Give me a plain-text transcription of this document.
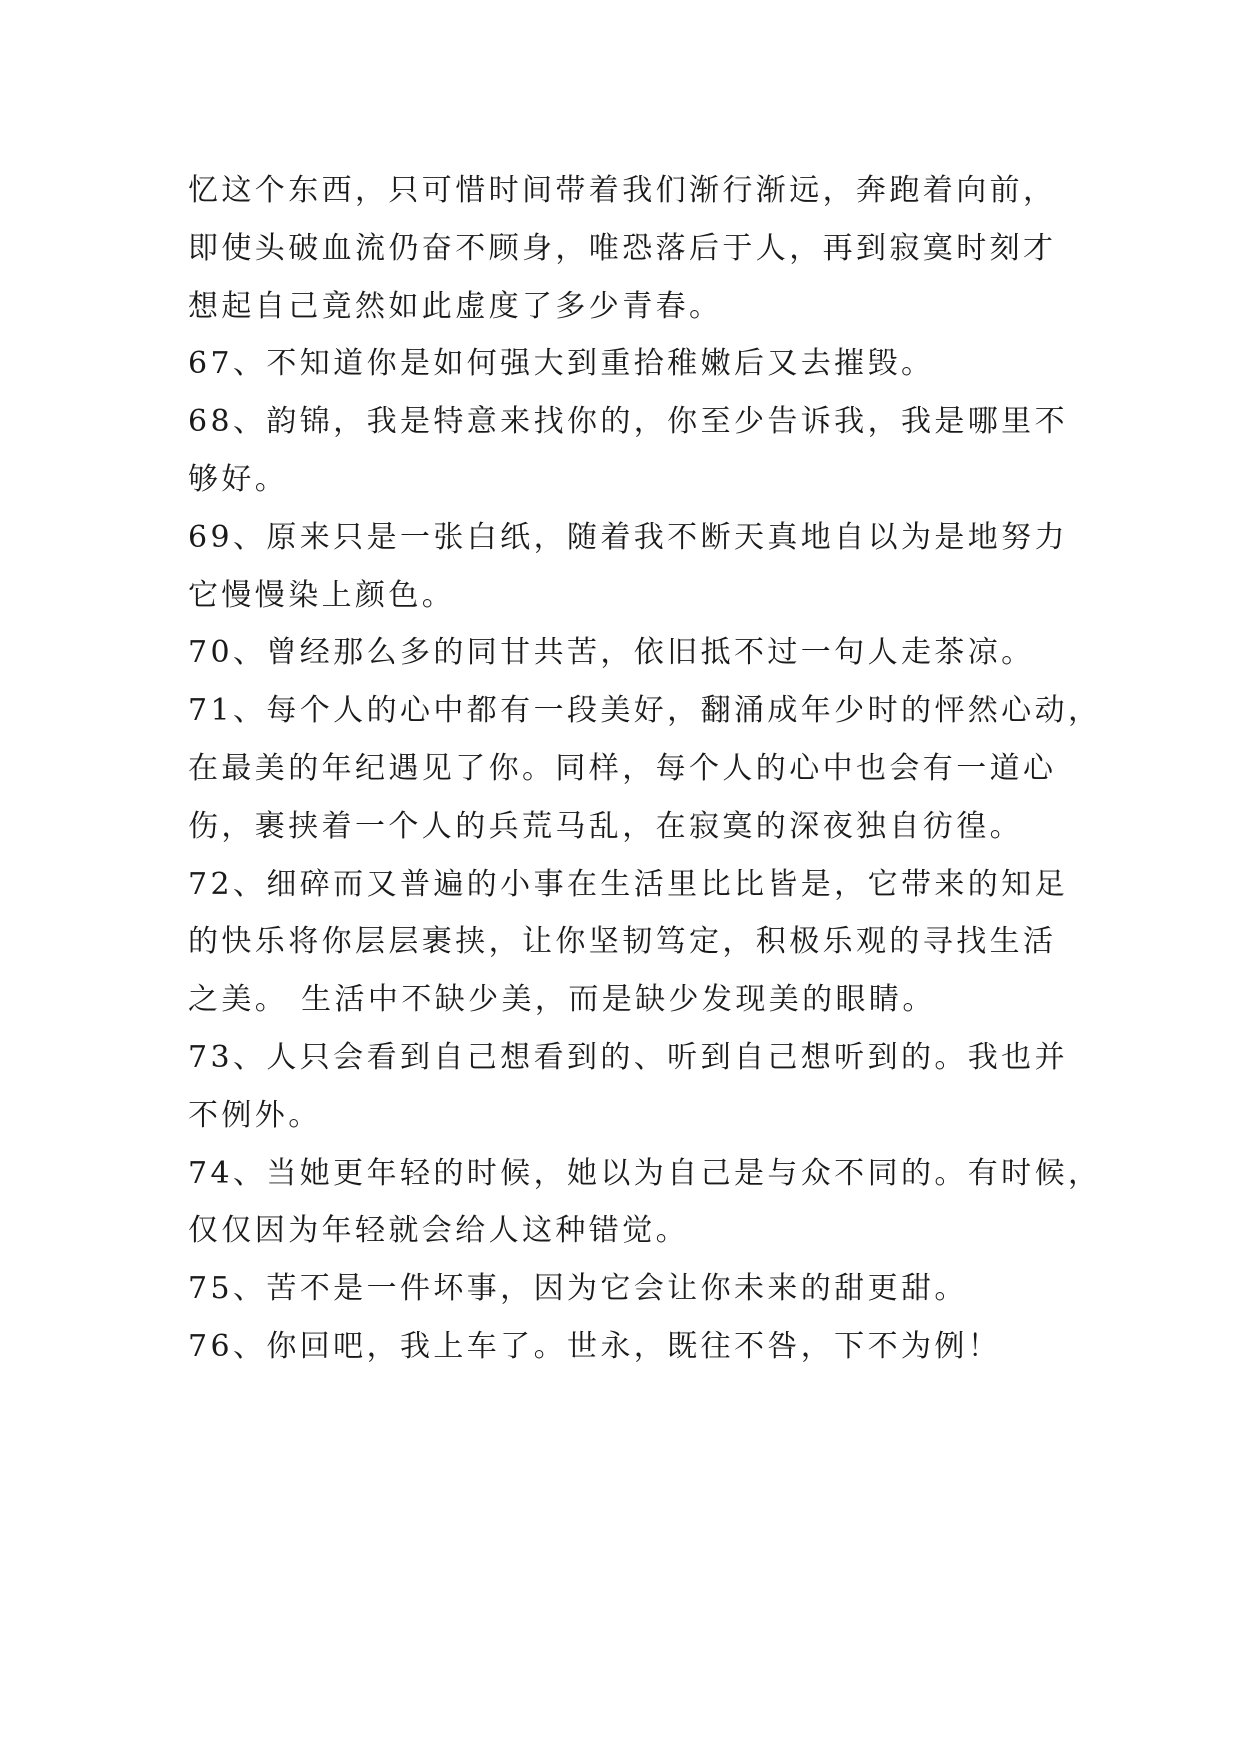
忆这个东西，只可惜时间带着我们渐行渐远，奔跑着向前，
即使头破血流仍奋不顾身，唯恐落后于人，再到寂寞时刻才
想起自己竟然如此虚度了多少青春。
67、不知道你是如何强大到重拾稚嫩后又去摧毁。
68、韵锦，我是特意来找你的，你至少告诉我，我是哪里不
够好。
69、原来只是一张白纸，随着我不断天真地自以为是地努力
它慢慢染上颜色。
70、曾经那么多的同甘共苦，依旧抵不过一句人走茶凉。
71、每个人的心中都有一段美好，翻涌成年少时的怦然心动，
在最美的年纪遇见了你。同样，每个人的心中也会有一道心
伤，裹挟着一个人的兵荒马乱，在寂寞的深夜独自彷徨。
72、细碎而又普遍的小事在生活里比比皆是，它带来的知足
的快乐将你层层裹挟，让你坚韧笃定，积极乐观的寻找生活
之美。 生活中不缺少美，而是缺少发现美的眼睛。
73、人只会看到自己想看到的、听到自己想听到的。我也并
不例外。
74、当她更年轻的时候，她以为自己是与众不同的。有时候，
仅仅因为年轻就会给人这种错觉。
75、苦不是一件坏事，因为它会让你未来的甜更甜。
76、你回吧，我上车了。世永，既往不咎，下不为例！
